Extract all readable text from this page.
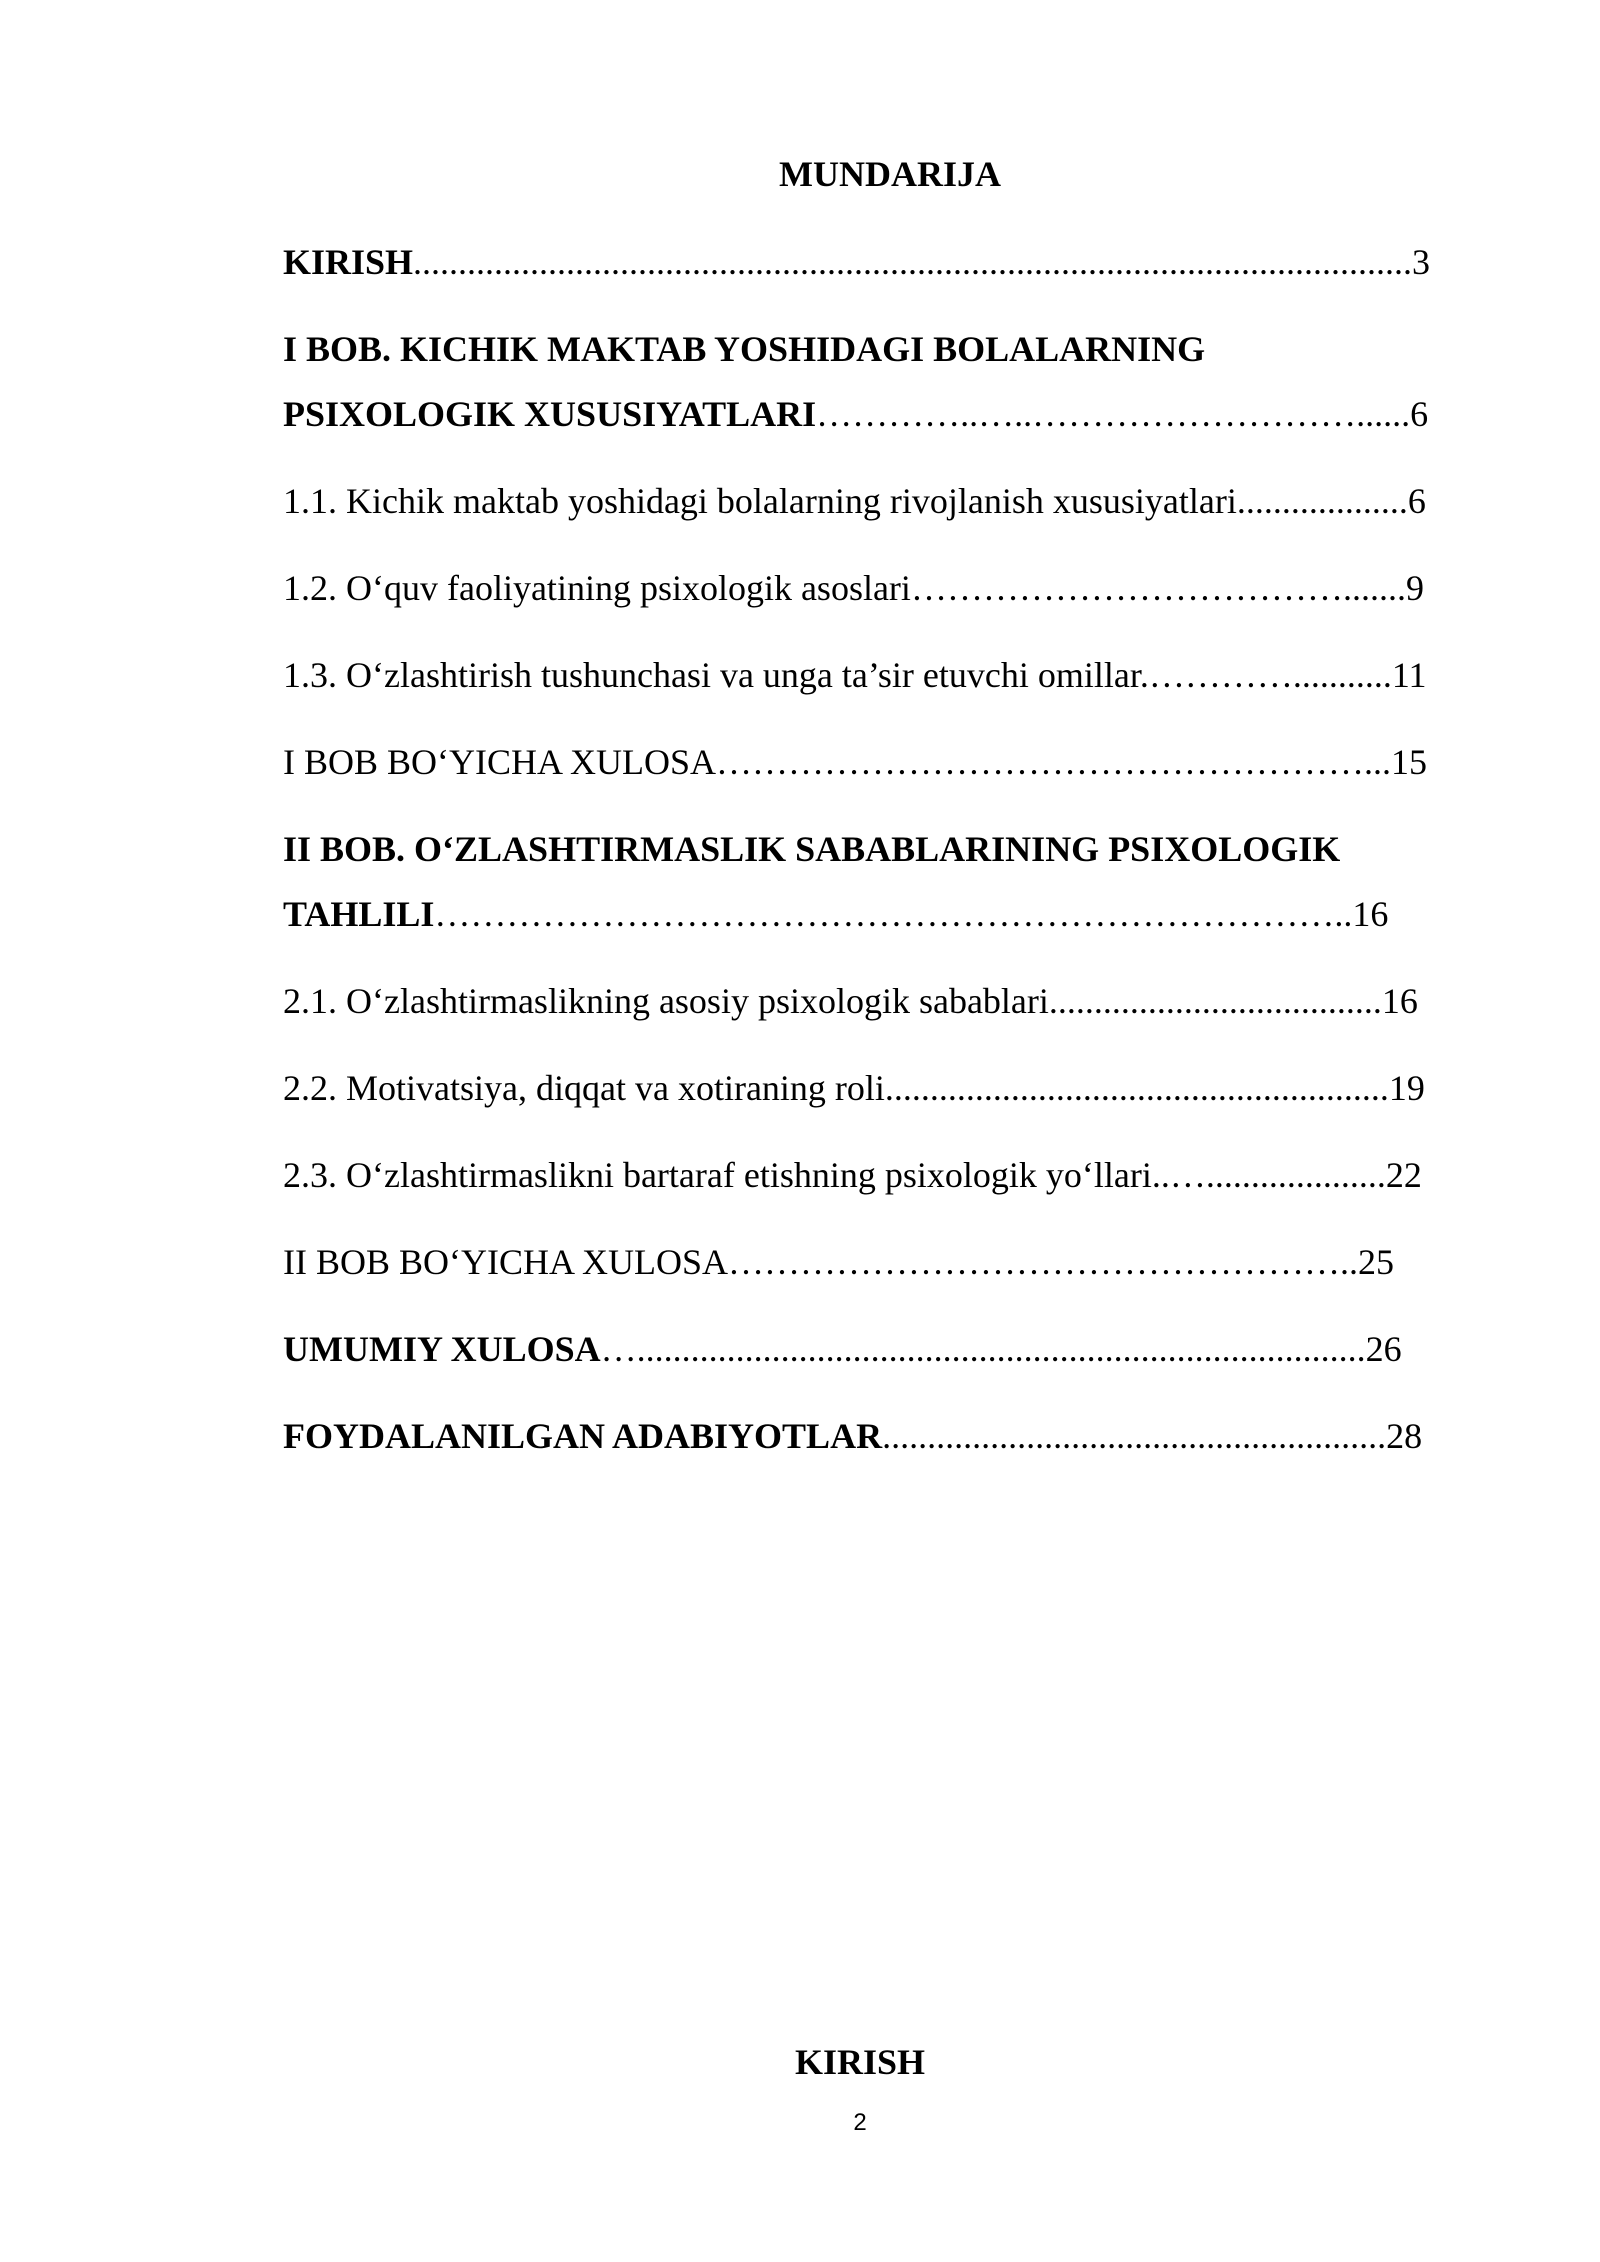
MUNDARIJA
KIRISH...............................................................................................................3
I BOB. KICHIK MAKTAB YOSHIDAGI BOLALARNING
PSIXOLOGIK XUSUSIYATLARI…………..…..………………………......6
1.1. Kichik maktab yoshidagi bolalarning rivojlanish xususiyatlari...................6
1.2. O‘quv faoliyatining psixologik asoslari……………………………….......9
1.3. O‘zlashtirish tushunchasi va unga ta’sir etuvchi omillar.…………...........11
I BOB BO‘YICHA XULOSA………………………………………………...15
II BOB. O‘ZLASHTIRMASLIK SABABLARINING PSIXOLOGIK
TAHLILI…………………………………………………………………..16
2.1. O‘zlashtirmaslikning asosiy psixologik sabablari.....................................16
2.2. Motivatsiya, diqqat va xotiraning roli........................................................19
2.3. O‘zlashtirmaslikni bartaraf etishning psixologik yo‘llari..…....................22
II BOB BO‘YICHA XULOSA……………………………………………..25
UMUMIY XULOSA….................................................................................26
FOYDALANILGAN ADABIYOTLAR........................................................28
KIRISH
2
